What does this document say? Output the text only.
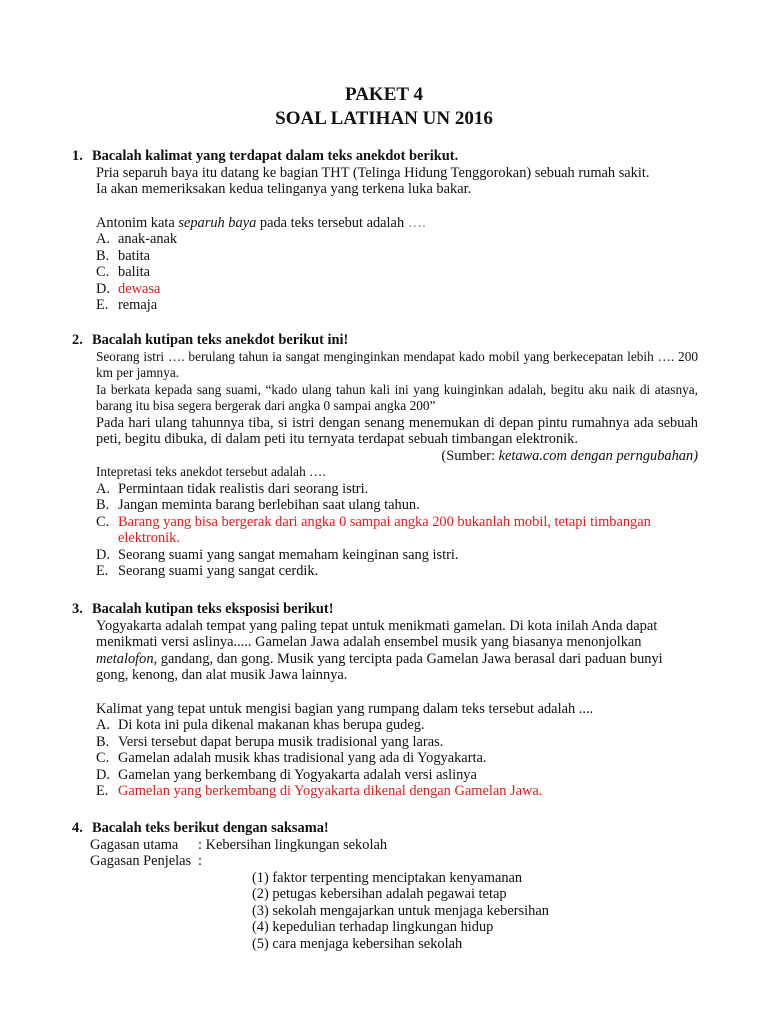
PAKET 4
SOAL LATIHAN UN 2016
1. Bacalah kalimat yang terdapat dalam teks anekdot berikut.

Pria separuh baya itu datang ke bagian THT (Telinga Hidung Tenggorokan) sebuah rumah sakit.

Ia akan memeriksakan kedua telinganya yang terkena luka bakar.

Antonim kata separuh baya pada teks tersebut adalah ….

A. anak-anak
B. batita
C. balita
D. dewasa
E. remaja
2. Bacalah kutipan teks anekdot berikut ini!

Seorang istri …. berulang tahun ia sangat menginginkan mendapat kado mobil yang berkecepatan lebih …. 200 km per jamnya.

Ia berkata kepada sang suami, “kado ulang tahun kali ini yang kuinginkan adalah, begitu aku naik di atasnya, barang itu bisa segera bergerak dari angka 0 sampai angka 200”

Pada hari ulang tahunnya tiba, si istri dengan senang menemukan di depan pintu rumahnya ada sebuah peti, begitu dibuka, di dalam peti itu ternyata terdapat sebuah timbangan elektronik.

(Sumber: ketawa.com dengan perngubahan)

Intepretasi teks anekdot tersebut adalah ….

A. Permintaan tidak realistis dari seorang istri.
B. Jangan meminta barang berlebihan saat ulang tahun.
C. Barang yang bisa bergerak dari angka 0 sampai angka 200 bukanlah mobil, tetapi timbangan elektronik.
D. Seorang suami yang sangat memaham keinginan sang istri.
E. Seorang suami yang sangat cerdik.
3. Bacalah kutipan teks eksposisi berikut!

Yogyakarta adalah tempat yang paling tepat untuk menikmati gamelan. Di kota inilah Anda dapat menikmati versi aslinya..... Gamelan Jawa adalah ensembel musik yang biasanya menonjolkan metalofon, gandang, dan gong. Musik yang tercipta pada Gamelan Jawa berasal dari paduan bunyi gong, kenong, dan alat musik Jawa lainnya.

Kalimat yang tepat untuk mengisi bagian yang rumpang dalam teks tersebut adalah ....

A. Di kota ini pula dikenal makanan khas berupa gudeg.
B. Versi tersebut dapat berupa musik tradisional yang laras.
C. Gamelan adalah musik khas tradisional yang ada di Yogyakarta.
D. Gamelan yang berkembang di Yogyakarta adalah versi aslinya
E. Gamelan yang berkembang di Yogyakarta dikenal dengan Gamelan Jawa.
4. Bacalah teks berikut dengan saksama!
Gagasan utama	: Kebersihan lingkungan sekolah
Gagasan Penjelas :
(1) faktor terpenting menciptakan kenyamanan
(2) petugas kebersihan adalah pegawai tetap
(3) sekolah mengajarkan untuk menjaga kebersihan
(4) kepedulian terhadap lingkungan hidup
(5) cara menjaga kebersihan sekolah
